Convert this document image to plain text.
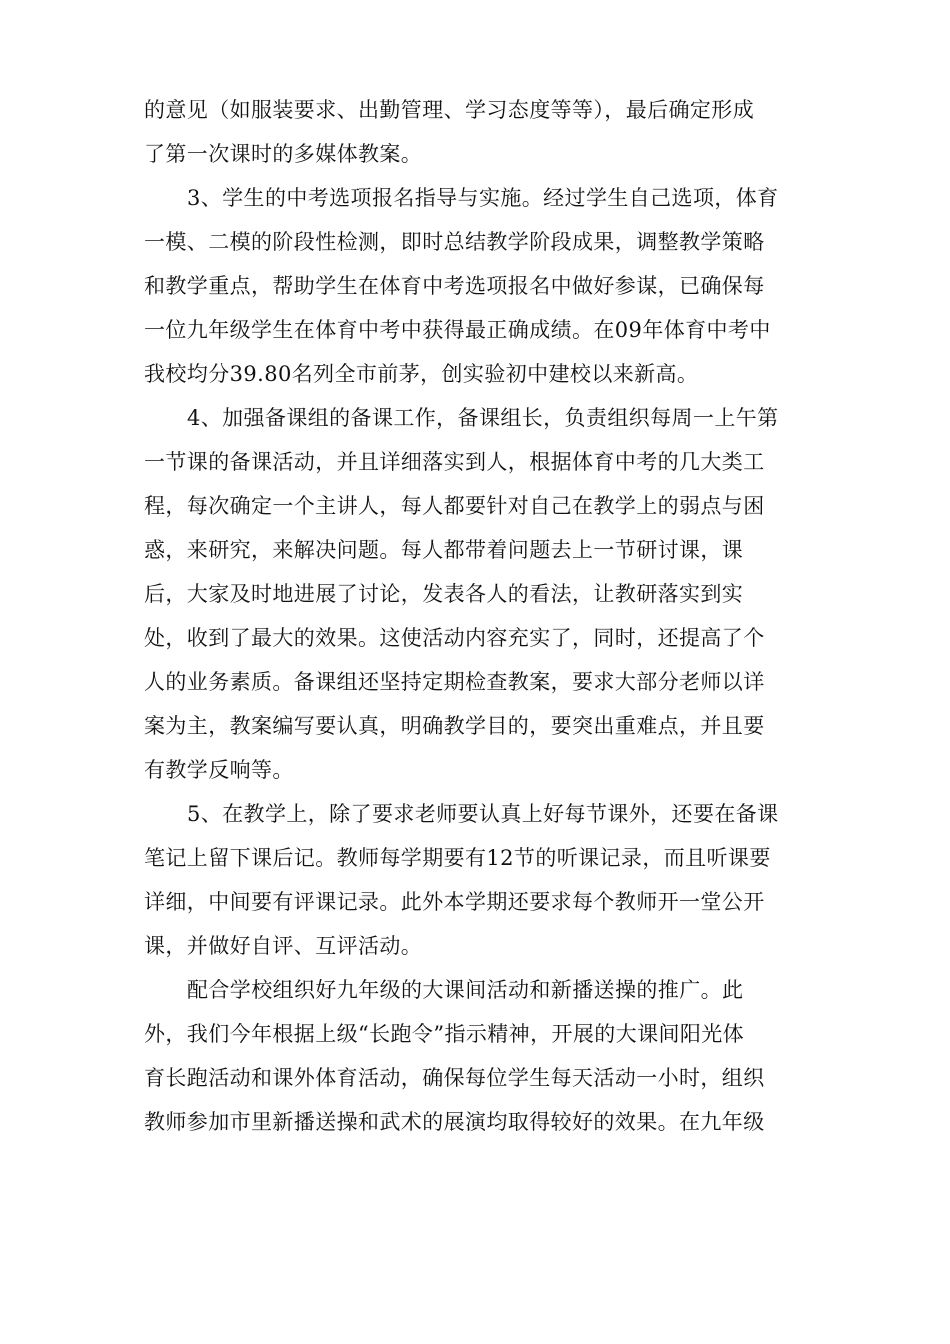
的意见（如服装要求、出勤管理、学习态度等等），最后确定形成
了第一次课时的多媒体教案。
3、学生的中考选项报名指导与实施。经过学生自己选项，体育
一模、二模的阶段性检测，即时总结教学阶段成果，调整教学策略
和教学重点，帮助学生在体育中考选项报名中做好参谋，已确保每
一位九年级学生在体育中考中获得最正确成绩。在09年体育中考中
我校均分39.80名列全市前茅，创实验初中建校以来新高。
4、加强备课组的备课工作，备课组长，负责组织每周一上午第
一节课的备课活动，并且详细落实到人，根据体育中考的几大类工
程，每次确定一个主讲人，每人都要针对自己在教学上的弱点与困
惑，来研究，来解决问题。每人都带着问题去上一节研讨课，课
后，大家及时地进展了讨论，发表各人的看法，让教研落实到实
处，收到了最大的效果。这使活动内容充实了，同时，还提高了个
人的业务素质。备课组还坚持定期检查教案，要求大部分老师以详
案为主，教案编写要认真，明确教学目的，要突出重难点，并且要
有教学反响等。
5、在教学上，除了要求老师要认真上好每节课外，还要在备课
笔记上留下课后记。教师每学期要有12节的听课记录，而且听课要
详细，中间要有评课记录。此外本学期还要求每个教师开一堂公开
课，并做好自评、互评活动。
配合学校组织好九年级的大课间活动和新播送操的推广。此
外，我们今年根据上级“长跑令”指示精神，开展的大课间阳光体
育长跑活动和课外体育活动，确保每位学生每天活动一小时，组织
教师参加市里新播送操和武术的展演均取得较好的效果。在九年级
